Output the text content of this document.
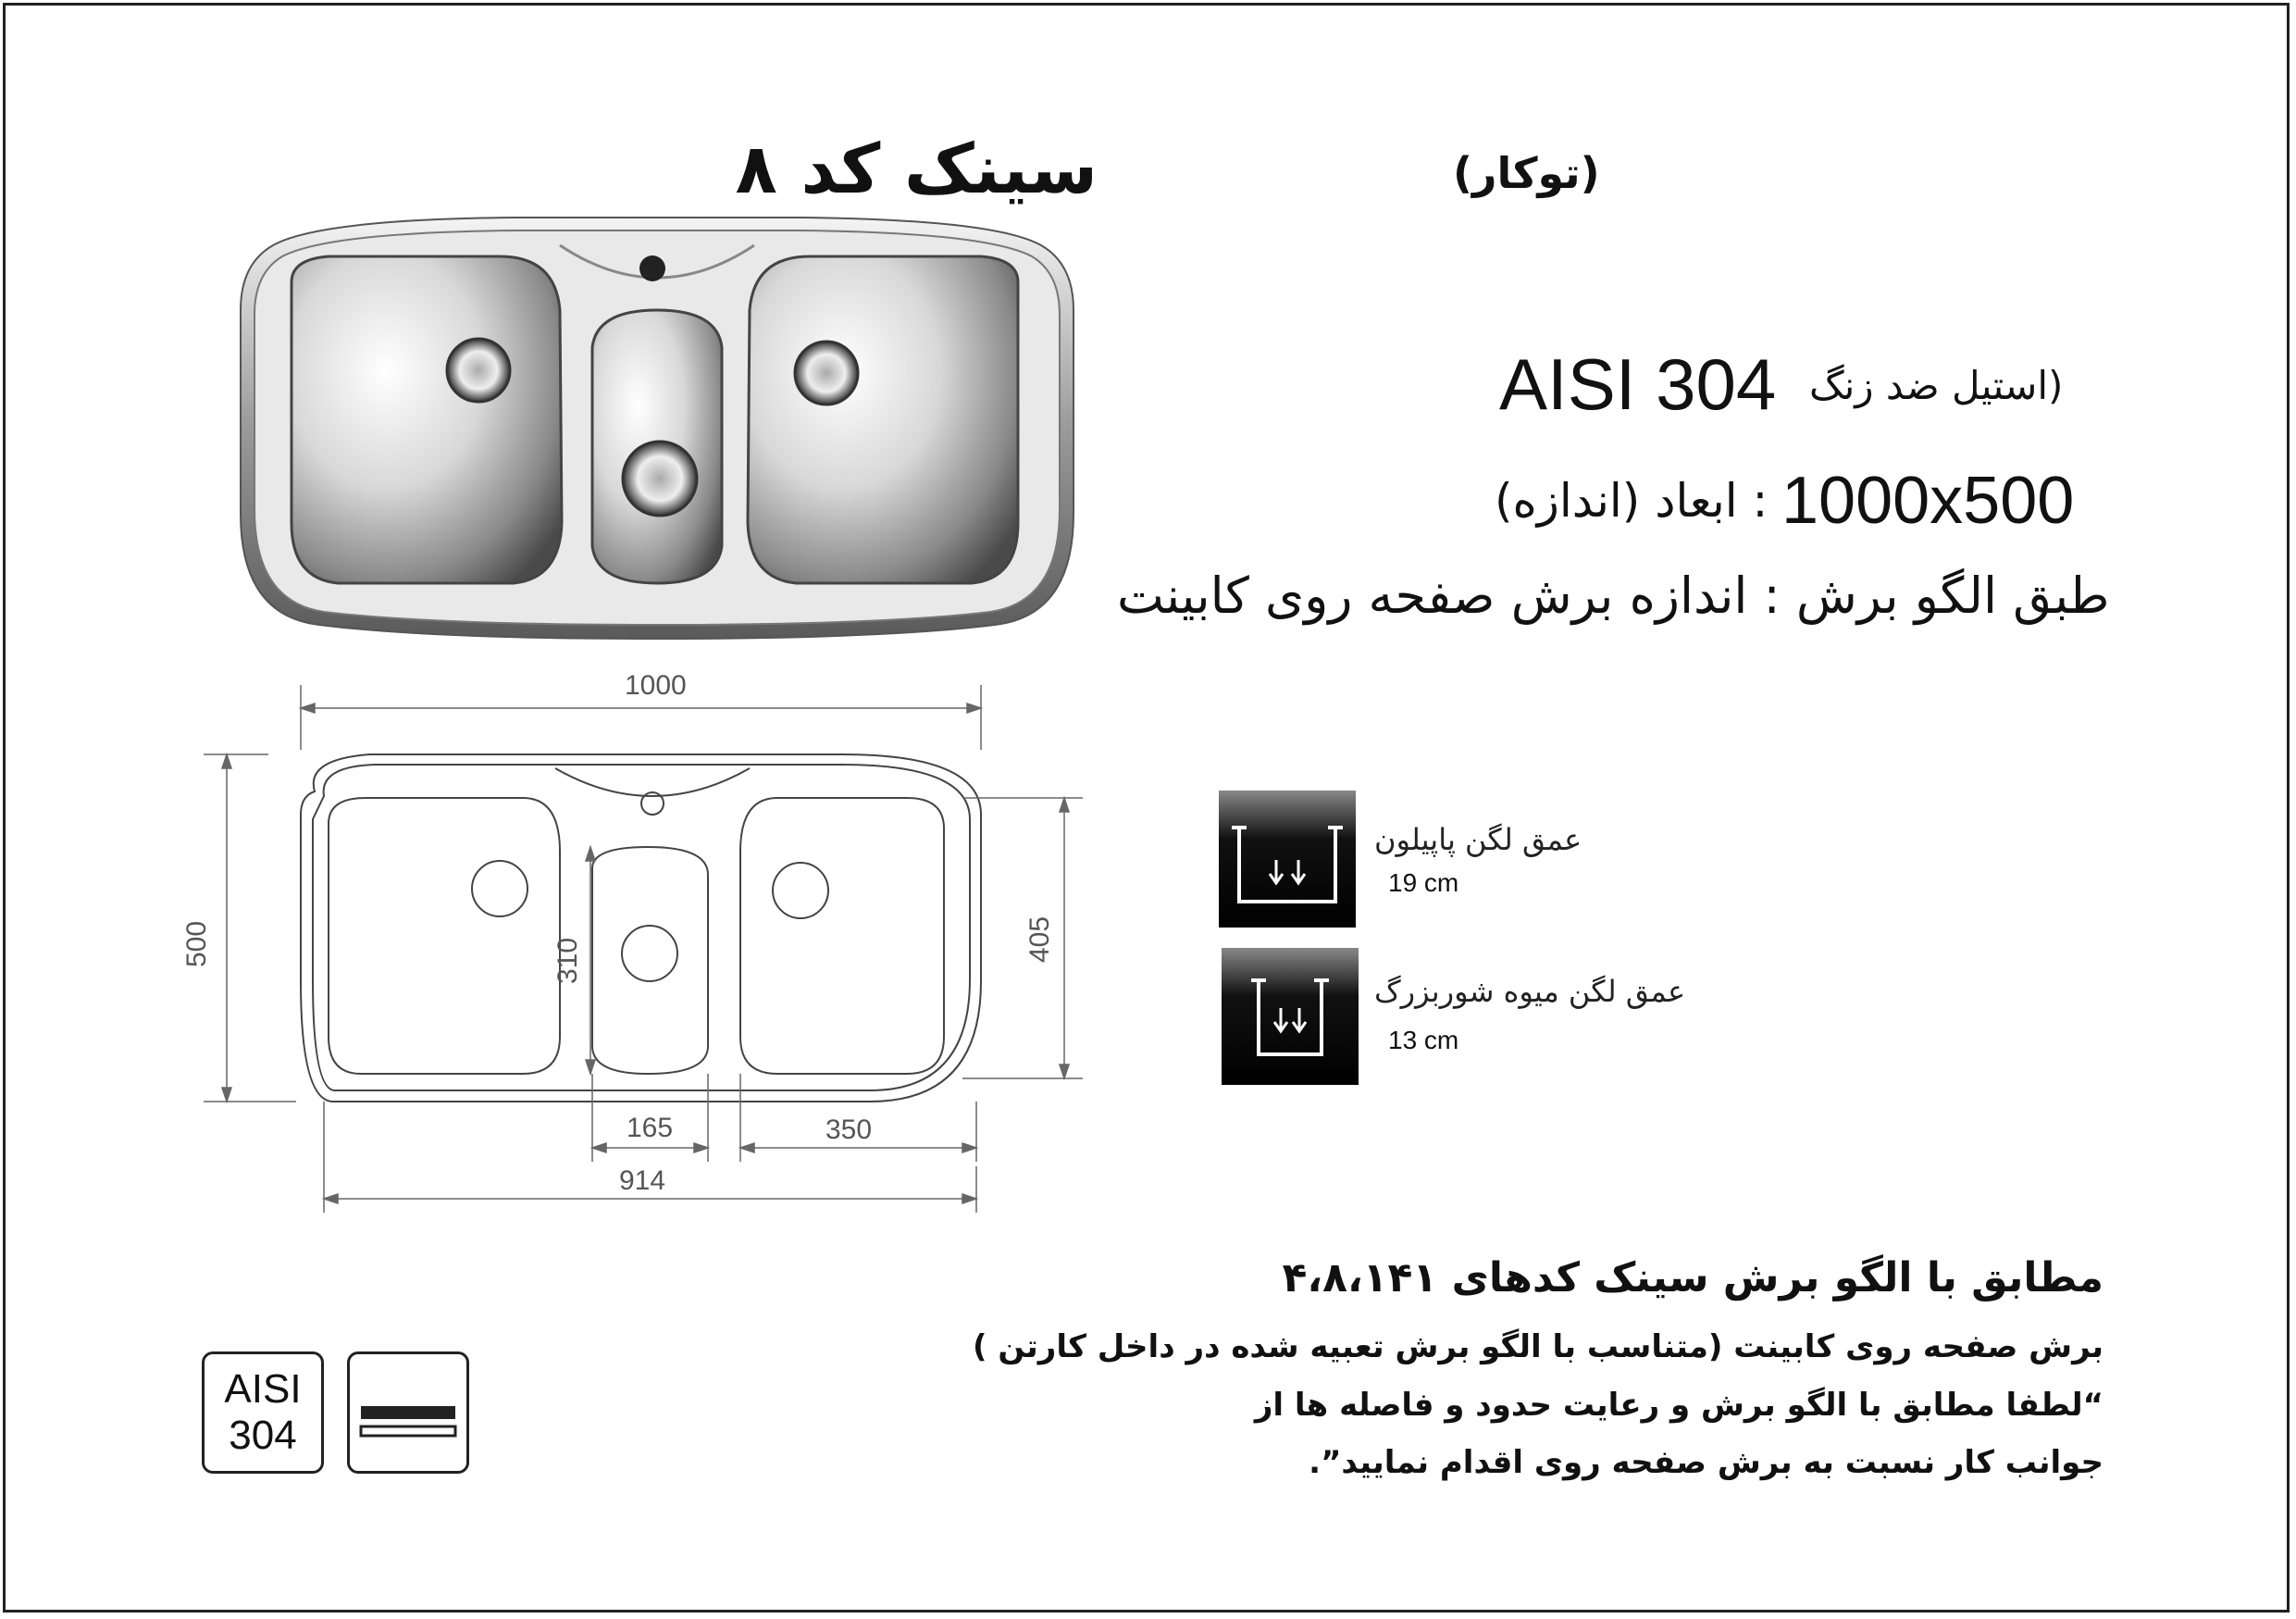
سینک کد ۸	(توکار)
AISI 304 (استیل ضد زنگ
1000x500
: ابعاد (اندازه)
طبق الگو برش : اندازه برش صفحه روی کابینت
1000
500	405
310
165	350
914
عمق لگن پاپیلون
19 cm
عمق لگن میوه شوربزرگ
13 cm
مطابق با الگو برش سینک کدهای ۴،۸،۱۴۱
برش صفحه روی کابینت (متناسب با الگو برش تعبیه شده در داخل کارتن )
“لطفا مطابق با الگو برش و رعایت حدود و فاصله ها از
جوانب کار نسبت به برش صفحه روی اقدام نمایید”.
AISI
304
